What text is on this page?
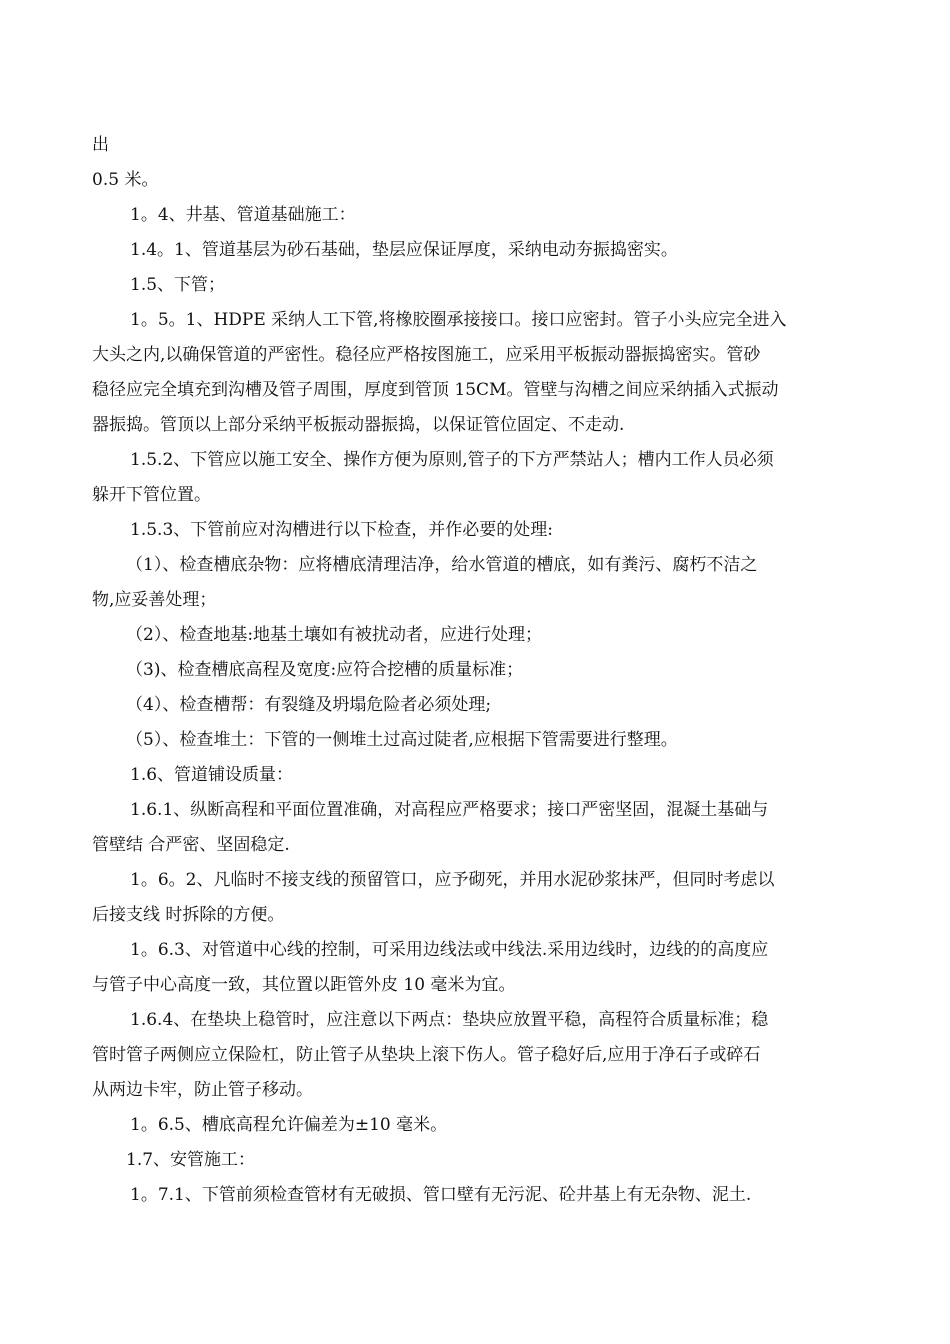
出
0.5 米。
1。4、井基、管道基础施工：
1.4。1、管道基层为砂石基础，垫层应保证厚度，采纳电动夯振捣密实。
1.5、下管；
1。5。1、HDPE 采纳人工下管,将橡胶圈承接接口。接口应密封。管子小头应完全进入
大头之内,以确保管道的严密性。稳径应严格按图施工，应采用平板振动器振捣密实。管砂
稳径应完全填充到沟槽及管子周围，厚度到管顶 15CM。管壁与沟槽之间应采纳插入式振动
器振捣。管顶以上部分采纳平板振动器振捣，以保证管位固定、不走动.
1.5.2、下管应以施工安全、操作方便为原则,管子的下方严禁站人；槽内工作人员必须
躲开下管位置。
1.5.3、下管前应对沟槽进行以下检查，并作必要的处理:
（1）、检查槽底杂物：应将槽底清理洁净，给水管道的槽底，如有粪污、腐朽不洁之
物,应妥善处理；
（2）、检查地基:地基土壤如有被扰动者，应进行处理；
（3)、检查槽底高程及宽度:应符合挖槽的质量标准；
（4）、检查槽帮：有裂缝及坍塌危险者必须处理;
（5）、检查堆土：下管的一侧堆土过高过陡者,应根据下管需要进行整理。
1.6、管道铺设质量：
1.6.1、纵断高程和平面位置准确，对高程应严格要求；接口严密坚固，混凝土基础与
管壁结 合严密、坚固稳定.
1。6。2、凡临时不接支线的预留管口，应予砌死，并用水泥砂浆抹严，但同时考虑以
后接支线 时拆除的方便。
1。6.3、对管道中心线的控制，可采用边线法或中线法.采用边线时，边线的的高度应
与管子中心高度一致，其位置以距管外皮 10 毫米为宜。
1.6.4、在垫块上稳管时，应注意以下两点：垫块应放置平稳，高程符合质量标准；稳
管时管子两侧应立保险杠，防止管子从垫块上滚下伤人。管子稳好后,应用于净石子或碎石
从两边卡牢，防止管子移动。
1。6.5、槽底高程允许偏差为±10 毫米。
1.7、安管施工：
1。7.1、下管前须检查管材有无破损、管口壁有无污泥、砼井基上有无杂物、泥土.
